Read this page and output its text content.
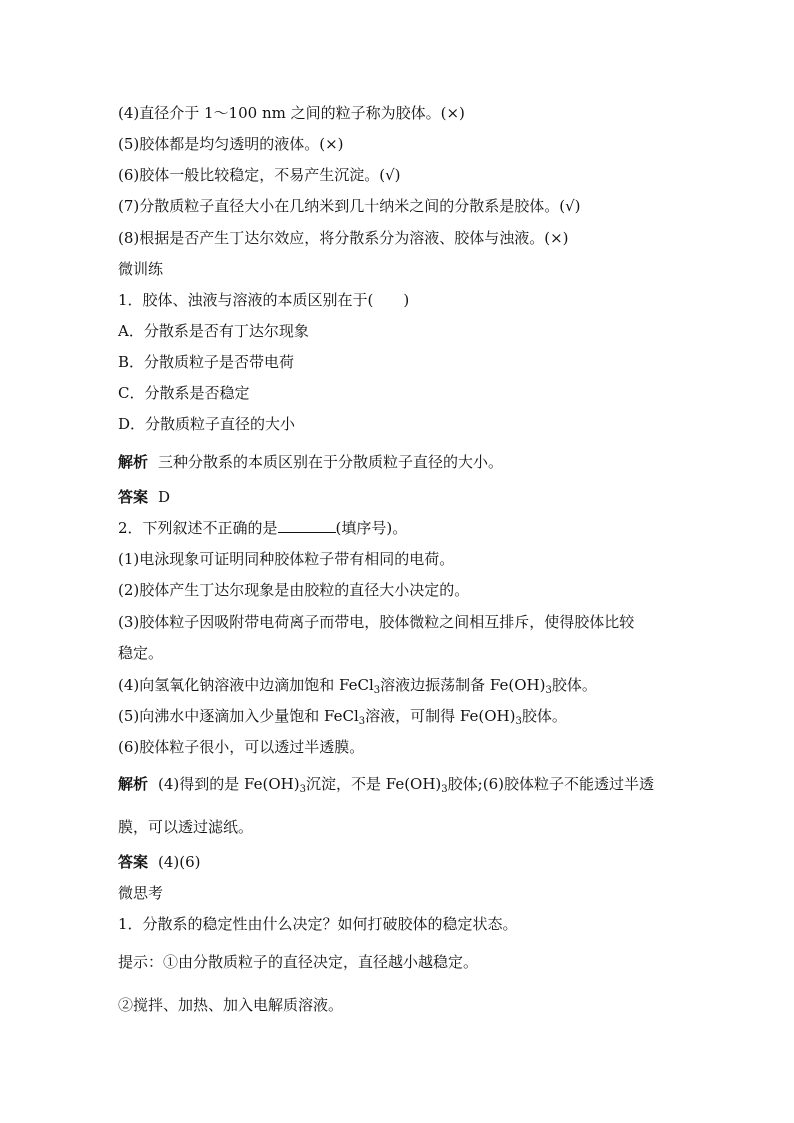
(4)直径介于 1～100 nm 之间的粒子称为胶体。(×)
(5)胶体都是均匀透明的液体。(×)
(6)胶体一般比较稳定，不易产生沉淀。(√)
(7)分散质粒子直径大小在几纳米到几十纳米之间的分散系是胶体。(√)
(8)根据是否产生丁达尔效应，将分散系分为溶液、胶体与浊液。(×)
微训练
1．胶体、浊液与溶液的本质区别在于(　　)
A．分散系是否有丁达尔现象
B．分散质粒子是否带电荷
C．分散系是否稳定
D．分散质粒子直径的大小
解析 三种分散系的本质区别在于分散质粒子直径的大小。
答案 D
2．下列叙述不正确的是	(填序号)。
(1)电泳现象可证明同种胶体粒子带有相同的电荷。
(2)胶体产生丁达尔现象是由胶粒的直径大小决定的。
(3)胶体粒子因吸附带电荷离子而带电，胶体微粒之间相互排斥，使得胶体比较
稳定。
(4)向氢氧化钠溶液中边滴加饱和 FeCl$_3$溶液边振荡制备 $Fe(OH)_3$胶体。
(5)向沸水中逐滴加入少量饱和 FeCl$_3$溶液，可制得 $Fe(OH)_3$胶体。
(6)胶体粒子很小，可以透过半透膜。
解析 (4)得到的是 $Fe(OH)_3$沉淀，不是 $Fe(OH)_3$胶体;(6)胶体粒子不能透过半透
膜，可以透过滤纸。
答案 (4)(6)
微思考
1．分散系的稳定性由什么决定？如何打破胶体的稳定状态。
提示：①由分散质粒子的直径决定，直径越小越稳定。
②搅拌、加热、加入电解质溶液。
